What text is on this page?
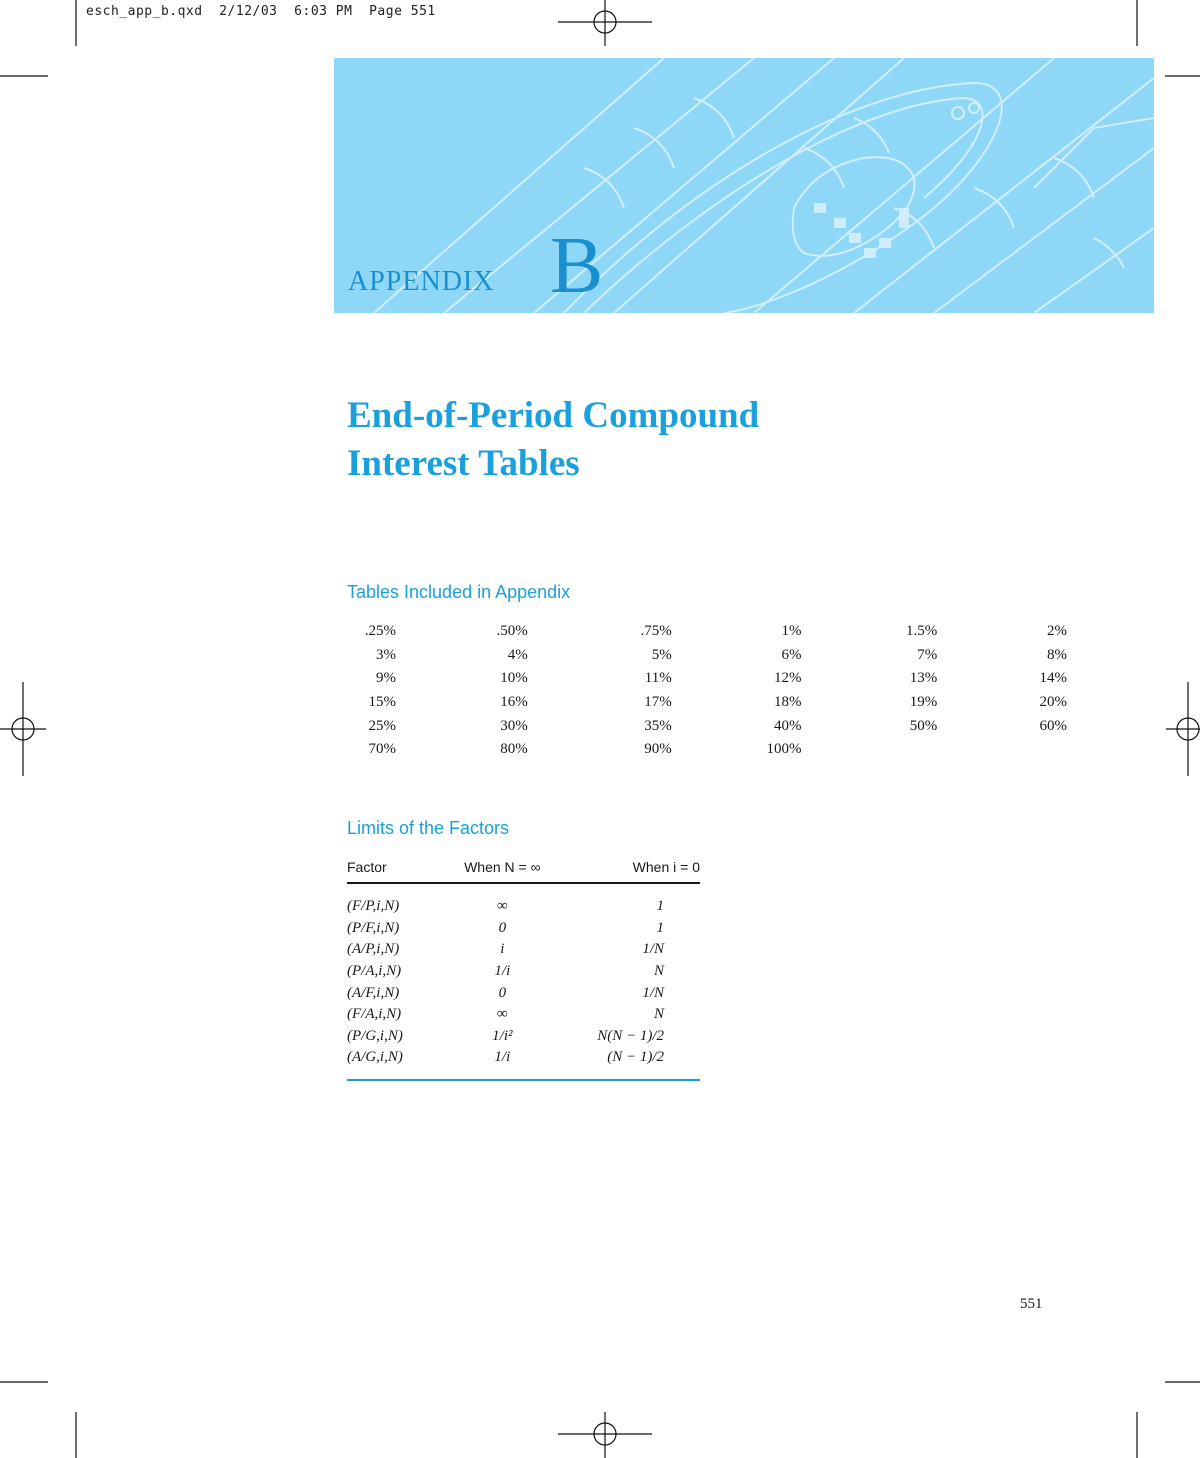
esch_app_b.qxd  2/12/03  6:03 PM  Page 551
APPENDIX B
End-of-Period Compound
Interest Tables
Tables Included in Appendix
.25%	.50%	.75%	1%	1.5%	2%
3%	4%	5%	6%	7%	8%
9%	10%	11%	12%	13%	14%
15%	16%	17%	18%	19%	20%
25%	30%	35%	40%	50%	60%
70%	80%	90%	100%		
Limits of the Factors
Factor	When N = ∞	When i = 0

(F/P,i,N)	∞	1
(P/F,i,N)	0	1
(A/P,i,N)	i	1/N
(P/A,i,N)	1/i	N
(A/F,i,N)	0	1/N
(F/A,i,N)	∞	N
(P/G,i,N)	1/i²	N(N − 1)/2
(A/G,i,N)	1/i	(N − 1)/2

551
